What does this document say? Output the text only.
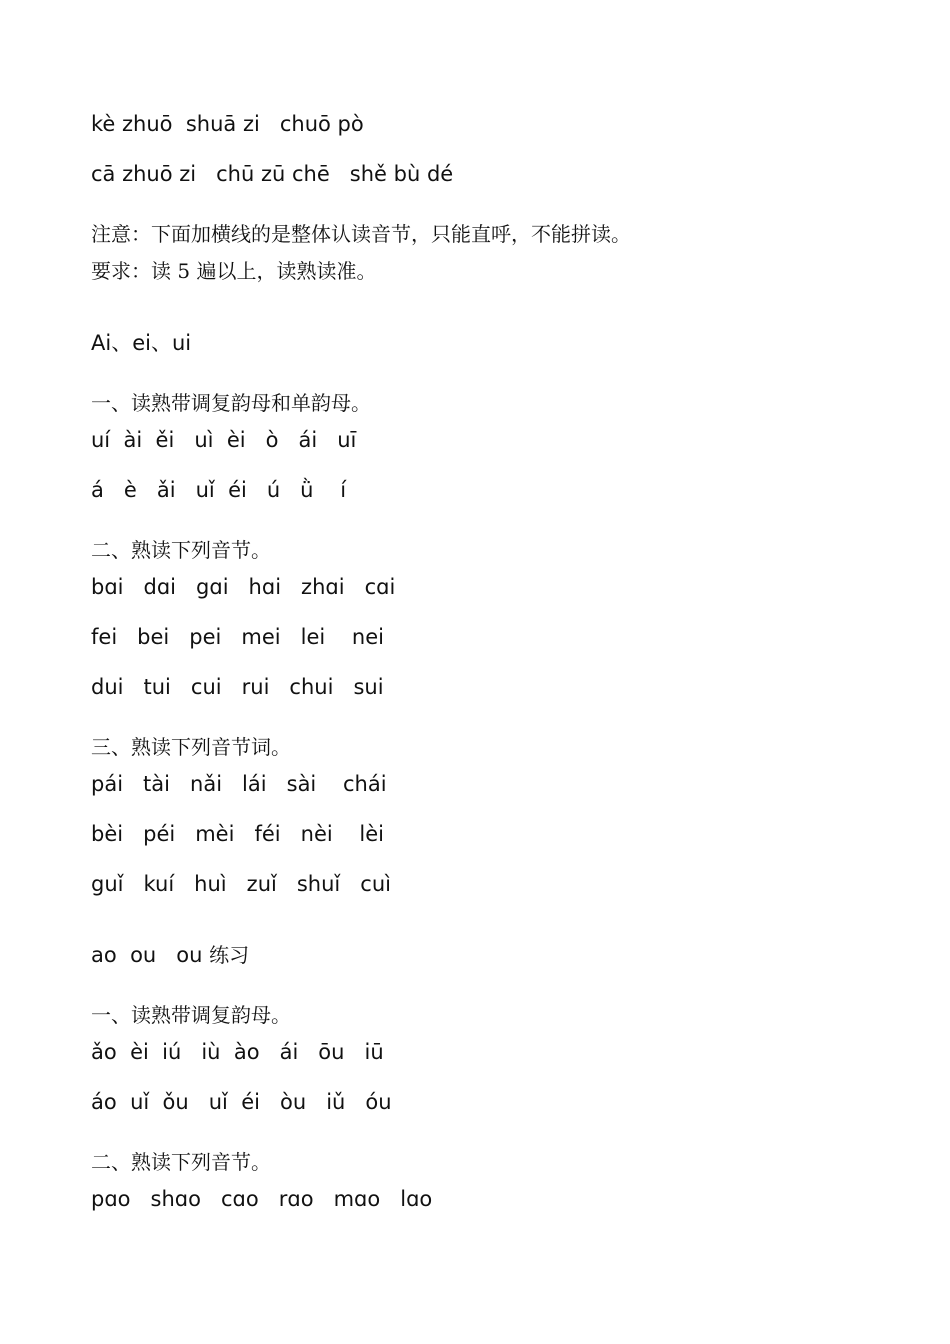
kè zhuō  shuā zi   chuō pò
cā zhuō zi   chū zū chē   shě bù dé
注意：下面加横线的是整体认读音节，只能直呼，不能拼读。
要求：读 5 遍以上，读熟读准。
Ai、ei、ui
一、读熟带调复韵母和单韵母。
uí  ài  ěi   uì  èi   ò   ái   uī
á   è   ǎi   uǐ  éi   ú   ǜ    í
二、熟读下列音节。
bɑi   dɑi   gɑi   hɑi   zhɑi   cɑi
fei   bei   pei   mei   lei    nei
dui   tui   cui   rui   chui   sui
三、熟读下列音节词。
pái   tài   nǎi   lái   sài    chái
bèi   péi   mèi   féi   nèi    lèi
guǐ   kuí   huì   zuǐ   shuǐ   cuì
ao  ou   ou 练习
一、读熟带调复韵母。
ǎo  èi  iú   iù  ào   ái   ōu   iū
áo  uǐ  ǒu   uǐ  éi   òu   iǔ   óu
二、熟读下列音节。
pɑo   shɑo   cɑo   rɑo   mɑo   lɑo
